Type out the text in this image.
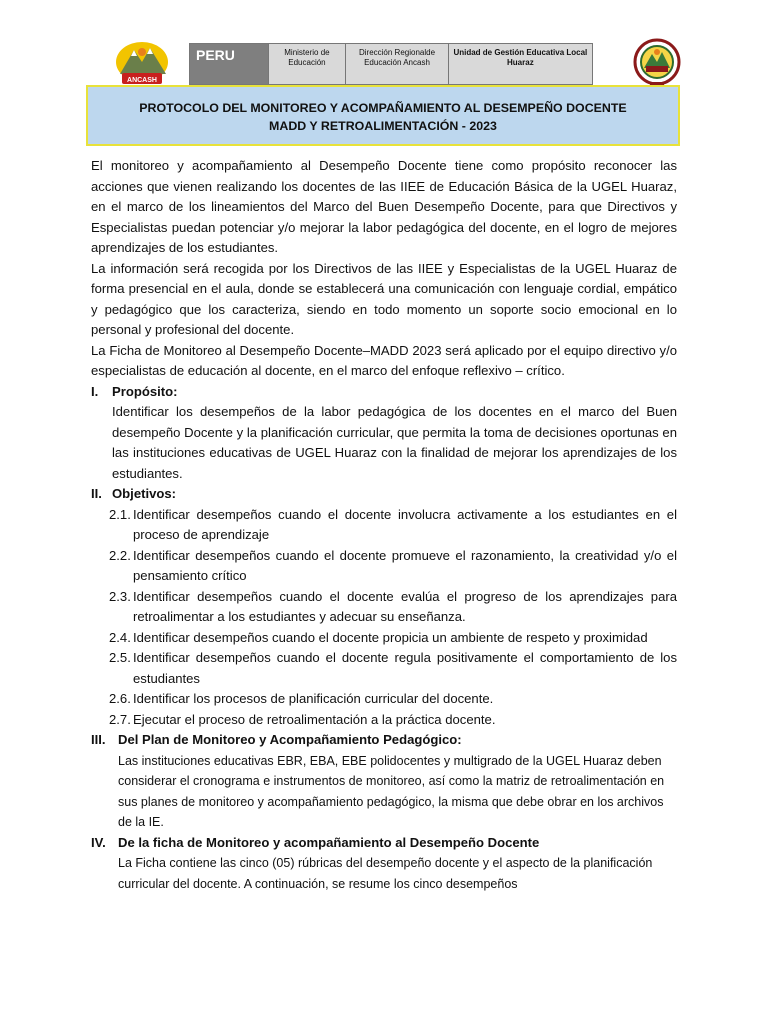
ANCASH
PERU	Ministerio de Educación
Dirección Regionalde Educación Ancash
Unidad de Gestión Educativa Local Huaraz
PROTOCOLO DEL MONITOREO Y ACOMPAÑAMIENTO AL DESEMPEÑO DOCENTE
MADD Y RETROALIMENTACIÓN - 2023

El monitoreo y acompañamiento al Desempeño Docente tiene como propósito reconocer las acciones que vienen realizando los docentes de las IIEE de Educación Básica de la UGEL Huaraz, en el marco de los lineamientos del Marco del Buen Desempeño Docente, para que Directivos y Especialistas puedan potenciar y/o mejorar la labor pedagógica del docente, en el logro de mejores aprendizajes de los estudiantes.

La información será recogida por los Directivos de las IIEE y Especialistas de la UGEL Huaraz de forma presencial en el aula, donde se establecerá una comunicación con lenguaje cordial, empático y pedagógico que los caracteriza, siendo en todo momento un soporte socio emocional en lo personal y profesional del docente.

La Ficha de Monitoreo al Desempeño Docente–MADD 2023 será aplicado por el equipo directivo y/o especialistas de educación al docente, en el marco del enfoque reflexivo – crítico.

I.	Propósito:

Identificar los desempeños de la labor pedagógica de los docentes en el marco del Buen desempeño Docente y la planificación curricular, que permita la toma de decisiones oportunas en las instituciones educativas de UGEL Huaraz con la finalidad de mejorar los aprendizajes de los estudiantes.

II. Objetivos:
2.1. Identificar desempeños cuando el docente involucra activamente a los estudiantes en el proceso de aprendizaje
2.2. Identificar desempeños cuando el docente promueve el razonamiento, la creatividad y/o el pensamiento crítico
2.3. Identificar desempeños cuando el docente evalúa el progreso de los aprendizajes para retroalimentar a los estudiantes y adecuar su enseñanza.
2.4. Identificar desempeños cuando el docente propicia un ambiente de respeto y proximidad
2.5. Identificar desempeños cuando el docente regula positivamente el comportamiento de los estudiantes
2.6. Identificar los procesos de planificación curricular del docente.
2.7. Ejecutar el proceso de retroalimentación a la práctica docente.
III. Del Plan de Monitoreo y Acompañamiento Pedagógico:

Las instituciones educativas EBR, EBA, EBE polidocentes y multigrado de la UGEL Huaraz deben considerar el cronograma e instrumentos de monitoreo, así como la matriz de retroalimentación en sus planes de monitoreo y acompañamiento pedagógico, la misma que debe obrar en los archivos de la IE.

IV. De la ficha de Monitoreo y acompañamiento al Desempeño Docente

La Ficha contiene las cinco (05) rúbricas del desempeño docente y el aspecto de la planificación curricular del docente. A continuación, se resume los cinco desempeños
